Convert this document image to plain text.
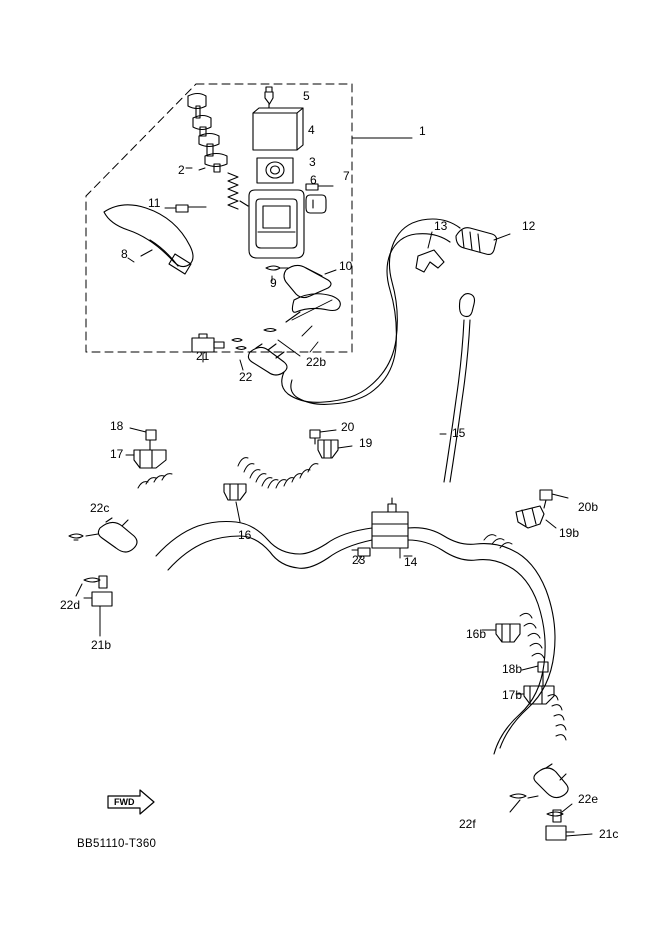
1
2
3
4
5
6 7
8
9
10
11
12
13
14
15
16
16b
17
17b
18
18b
19
19b
20
20b
21
21b
21c
22
22b
22c
22d
22e
22f
23
FWD
BB51110-T360
